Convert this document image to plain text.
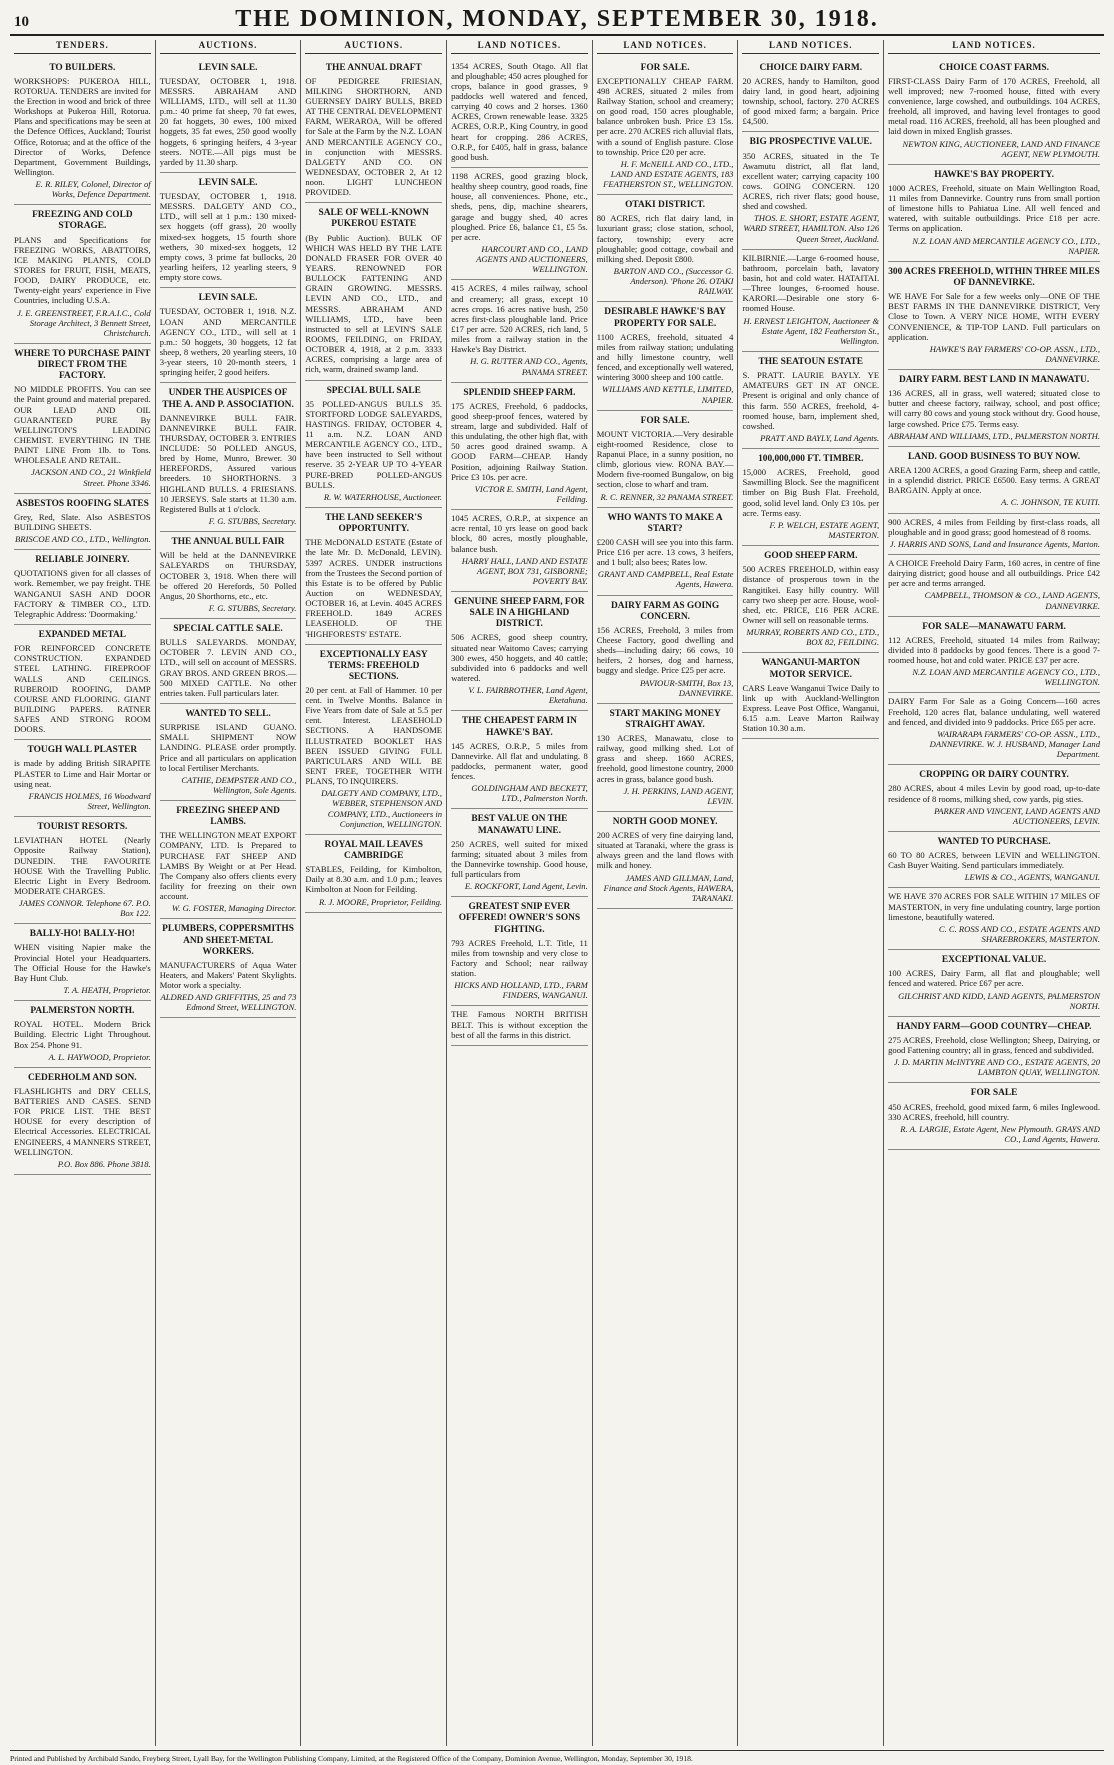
10	THE DOMINION, MONDAY, SEPTEMBER 30, 1918.
TENDERS.
TO BUILDERS.
WORKSHOPS: PUKEROA HILL, ROTORUA. TENDERS are invited for the Erection in wood and brick of three Workshops at Pukeroa Hill, Rotorua. Plans and specifications may be seen at the Defence Offices, Auckland; Tourist Office, Rotorua; and at the office of the Director of Works, Defence Department, Government Buildings, Wellington.
E. R. RILEY, Colonel, Director of Works, Defence Department.
FREEZING AND COLD STORAGE.
PLANS and Specifications for FREEZING WORKS, ABATTOIRS, ICE MAKING PLANTS, COLD STORES for FRUIT, FISH, MEATS, FOOD, DAIRY PRODUCE, etc. Twenty-eight years' experience in Five Countries, including U.S.A.
J. E. GREENSTREET, F.R.A.I.C., Cold Storage Architect, 3 Bennett Street, Christchurch.
WHERE TO PURCHASE PAINT DIRECT FROM THE FACTORY.
NO MIDDLE PROFITS. You can see the Paint ground and material prepared. OUR LEAD AND OIL GUARANTEED PURE By WELLINGTON'S LEADING CHEMIST. EVERYTHING IN THE PAINT LINE From 1lb. to Tons. WHOLESALE AND RETAIL.
JACKSON AND CO., 21 Winkfield Street. Phone 3346.
ASBESTOS ROOFING SLATES
Grey, Red, Slate. Also ASBESTOS BUILDING SHEETS.
BRISCOE AND CO., LTD., Wellington.
RELIABLE JOINERY.
QUOTATIONS given for all classes of work. Remember, we pay freight. THE WANGANUI SASH AND DOOR FACTORY & TIMBER CO., LTD. Telegraphic Address: 'Doormaking.'
EXPANDED METAL
FOR REINFORCED CONCRETE CONSTRUCTION. EXPANDED STEEL LATHING. FIREPROOF WALLS AND CEILINGS. RUBEROID ROOFING, DAMP COURSE AND FLOORING. GIANT BUILDING PAPERS. RATNER SAFES AND STRONG ROOM DOORS.
TOUGH WALL PLASTER
is made by adding British SIRAPITE PLASTER to Lime and Hair Mortar or using neat.
FRANCIS HOLMES, 16 Woodward Street, Wellington.
TOURIST RESORTS.
LEVIATHAN HOTEL (Nearly Opposite Railway Station), DUNEDIN. THE FAVOURITE HOUSE With the Travelling Public. Electric Light in Every Bedroom. MODERATE CHARGES.
JAMES CONNOR. Telephone 67. P.O. Box 122.
BALLY-HO! BALLY-HO!
WHEN visiting Napier make the Provincial Hotel your Headquarters. The Official House for the Hawke's Bay Hunt Club.
T. A. HEATH, Proprietor.
PALMERSTON NORTH.
ROYAL HOTEL. Modern Brick Building. Electric Light Throughout. Box 254. Phone 91.
A. L. HAYWOOD, Proprietor.
CEDERHOLM AND SON.
FLASHLIGHTS and DRY CELLS, BATTERIES AND CASES. SEND FOR PRICE LIST. THE BEST HOUSE for every description of Electrical Accessories. ELECTRICAL ENGINEERS, 4 MANNERS STREET, WELLINGTON.
P.O. Box 886. Phone 3818.
AUCTIONS.
LEVIN SALE.
TUESDAY, OCTOBER 1, 1918. MESSRS. ABRAHAM AND WILLIAMS, LTD., will sell at 11.30 p.m.: 40 prime fat sheep, 70 fat ewes, 20 fat hoggets, 30 ewes, 100 mixed hoggets, 35 fat ewes, 250 good woolly hoggets, 6 springing heifers, 4 3-year steers. NOTE.—All pigs must be yarded by 11.30 sharp.
LEVIN SALE.
TUESDAY, OCTOBER 1, 1918. MESSRS. DALGETY AND CO., LTD., will sell at 1 p.m.: 130 mixed-sex hoggets (off grass), 20 woolly mixed-sex hoggets, 15 fourth shore wethers, 30 mixed-sex hoggets, 12 empty cows, 3 prime fat bullocks, 20 yearling heifers, 12 yearling steers, 9 empty store cows.
LEVIN SALE.
TUESDAY, OCTOBER 1, 1918. N.Z. LOAN AND MERCANTILE AGENCY CO., LTD., will sell at 1 p.m.: 50 hoggets, 30 hoggets, 12 fat sheep, 8 wethers, 20 yearling steers, 10 3-year steers, 10 20-month steers, 1 springing heifer, 2 good heifers.
UNDER THE AUSPICES OF THE A. AND P. ASSOCIATION.
DANNEVIRKE BULL FAIR. DANNEVIRKE BULL FAIR. THURSDAY, OCTOBER 3. ENTRIES INCLUDE: 50 POLLED ANGUS, bred by Home, Munro, Brewer. 30 HEREFORDS, Assured various breeders. 10 SHORTHORNS. 3 HIGHLAND BULLS. 4 FRIESIANS. 10 JERSEYS. Sale starts at 11.30 a.m. Registered Bulls at 1 o'clock.
F. G. STUBBS, Secretary.
THE ANNUAL BULL FAIR
Will be held at the DANNEVIRKE SALEYARDS on THURSDAY, OCTOBER 3, 1918. When there will be offered 20 Herefords, 50 Polled Angus, 20 Shorthorns, etc., etc.
F. G. STUBBS, Secretary.
SPECIAL CATTLE SALE.
BULLS SALEYARDS. MONDAY, OCTOBER 7. LEVIN AND CO., LTD., will sell on account of MESSRS. GRAY BROS. AND GREEN BROS.—500 MIXED CATTLE. No other entries taken. Full particulars later.
WANTED TO SELL.
SURPRISE ISLAND GUANO. SMALL SHIPMENT NOW LANDING. PLEASE order promptly. Price and all particulars on application to local Fertiliser Merchants.
CATHIE, DEMPSTER AND CO., Wellington, Sole Agents.
FREEZING SHEEP AND LAMBS.
THE WELLINGTON MEAT EXPORT COMPANY, LTD. Is Prepared to PURCHASE FAT SHEEP AND LAMBS By Weight or at Per Head. The Company also offers clients every facility for freezing on their own account.
W. G. FOSTER, Managing Director.
PLUMBERS, COPPERSMITHS AND SHEET-METAL WORKERS.
MANUFACTURERS of Aqua Water Heaters, and Makers' Patent Skylights. Motor work a specialty.
ALDRED AND GRIFFITHS, 25 and 73 Edmond Street, WELLINGTON.
AUCTIONS.
THE ANNUAL DRAFT
OF PEDIGREE FRIESIAN, MILKING SHORTHORN, AND GUERNSEY DAIRY BULLS, BRED AT THE CENTRAL DEVELOPMENT FARM, WERAROA, Will be offered for Sale at the Farm by the N.Z. LOAN AND MERCANTILE AGENCY CO., in conjunction with MESSRS. DALGETY AND CO. ON WEDNESDAY, OCTOBER 2, At 12 noon. LIGHT LUNCHEON PROVIDED.
SALE OF WELL-KNOWN PUKEROU ESTATE
(By Public Auction). BULK OF WHICH WAS HELD BY THE LATE DONALD FRASER FOR OVER 40 YEARS. RENOWNED FOR BULLOCK FATTENING AND GRAIN GROWING. MESSRS. LEVIN AND CO., LTD., and MESSRS. ABRAHAM AND WILLIAMS, LTD., have been instructed to sell at LEVIN'S SALE ROOMS, FEILDING, on FRIDAY, OCTOBER 4, 1918, at 2 p.m. 3333 ACRES, comprising a large area of rich, warm, drained swamp land.
SPECIAL BULL SALE
35 POLLED-ANGUS BULLS 35. STORTFORD LODGE SALEYARDS, HASTINGS. FRIDAY, OCTOBER 4, 11 a.m. N.Z. LOAN AND MERCANTILE AGENCY CO., LTD., have been instructed to Sell without reserve. 35 2-YEAR UP TO 4-YEAR PURE-BRED POLLED-ANGUS BULLS.
R. W. WATERHOUSE, Auctioneer.
THE LAND SEEKER'S OPPORTUNITY.
THE McDONALD ESTATE (Estate of the late Mr. D. McDonald, LEVIN). 5397 ACRES. UNDER instructions from the Trustees the Second portion of this Estate is to be offered by Public Auction on WEDNESDAY, OCTOBER 16, at Levin. 4045 ACRES FREEHOLD. 1849 ACRES LEASEHOLD. OF THE 'HIGHFORESTS' ESTATE.
EXCEPTIONALLY EASY TERMS: FREEHOLD SECTIONS.
20 per cent. at Fall of Hammer. 10 per cent. in Twelve Months. Balance in Five Years from date of Sale at 5.5 per cent. Interest. LEASEHOLD SECTIONS. A HANDSOME ILLUSTRATED BOOKLET HAS BEEN ISSUED GIVING FULL PARTICULARS AND WILL BE SENT FREE, TOGETHER WITH PLANS, TO INQUIRERS.
DALGETY AND COMPANY, LTD., WEBBER, STEPHENSON AND COMPANY, LTD., Auctioneers in Conjunction, WELLINGTON.
ROYAL MAIL LEAVES CAMBRIDGE
STABLES, Feilding, for Kimbolton, Daily at 8.30 a.m. and 1.0 p.m.; leaves Kimbolton at Noon for Feilding.
R. J. MOORE, Proprietor, Feilding.
LAND NOTICES.
1354 ACRES, South Otago. All flat and ploughable; 450 acres ploughed for crops, balance in good grasses, 9 paddocks well watered and fenced, carrying 40 cows and 2 horses. 1360 ACRES, Crown renewable lease. 3325 ACRES, O.R.P., King Country, in good heart for cropping. 286 ACRES, O.R.P., for £405, half in grass, balance good bush.
1198 ACRES, good grazing block, healthy sheep country, good roads, fine house, all conveniences. Phone, etc., sheds, pens, dip, machine shearers, garage and buggy shed, 40 acres ploughed. Price £6, balance £1, £5 5s. per acre.
HARCOURT AND CO., LAND AGENTS AND AUCTIONEERS, WELLINGTON.
415 ACRES, 4 miles railway, school and creamery; all grass, except 10 acres crops. 16 acres native bush, 250 acres first-class ploughable land. Price £17 per acre. 520 ACRES, rich land, 5 miles from a railway station in the Hawke's Bay District.
H. G. RUTTER AND CO., Agents, PANAMA STREET.
SPLENDID SHEEP FARM.
175 ACRES, Freehold, 6 paddocks, good sheep-proof fences, watered by stream, large and subdivided. Half of this undulating, the other high flat, with 50 acres good drained swamp. A GOOD FARM—CHEAP. Handy Position, adjoining Railway Station. Price £3 10s. per acre.
VICTOR E. SMITH, Land Agent, Feilding.
1045 ACRES, O.R.P., at sixpence an acre rental, 10 yrs lease on good back block, 80 acres, mostly ploughable, balance bush.
HARRY HALL, LAND AND ESTATE AGENT, BOX 731, GISBORNE; POVERTY BAY.
GENUINE SHEEP FARM, FOR SALE IN A HIGHLAND DISTRICT.
506 ACRES, good sheep country, situated near Waitomo Caves; carrying 300 ewes, 450 hoggets, and 40 cattle; subdivided into 6 paddocks and well watered.
V. L. FAIRBROTHER, Land Agent, Eketahuna.
THE CHEAPEST FARM IN HAWKE'S BAY.
145 ACRES, O.R.P., 5 miles from Dannevirke. All flat and undulating. 8 paddocks, permanent water, good fences.
GOLDINGHAM AND BECKETT, LTD., Palmerston North.
BEST VALUE ON THE MANAWATU LINE.
250 ACRES, well suited for mixed farming; situated about 3 miles from the Dannevirke township. Good house, full particulars from
E. ROCKFORT, Land Agent, Levin.
GREATEST SNIP EVER OFFERED! OWNER'S SONS FIGHTING.
793 ACRES Freehold, L.T. Title, 11 miles from township and very close to Factory and School; near railway station.
HICKS AND HOLLAND, LTD., FARM FINDERS, WANGANUI.
THE Famous NORTH BRITISH BELT. This is without exception the best of all the farms in this district.
LAND NOTICES.
FOR SALE.
EXCEPTIONALLY CHEAP FARM. 498 ACRES, situated 2 miles from Railway Station, school and creamery; on good road, 150 acres ploughable, balance unbroken bush. Price £3 15s. per acre. 270 ACRES rich alluvial flats, with a sound of English pasture. Close to township. Price £20 per acre.
H. F. McNEILL AND CO., LTD., LAND AND ESTATE AGENTS, 183 FEATHERSTON ST., WELLINGTON.
OTAKI DISTRICT.
80 ACRES, rich flat dairy land, in luxuriant grass; close station, school, factory, township; every acre ploughable; good cottage, cowbail and milking shed. Deposit £800.
BARTON AND CO., (Successor G. Anderson). 'Phone 26. OTAKI RAILWAY.
DESIRABLE HAWKE'S BAY PROPERTY FOR SALE.
1100 ACRES, freehold, situated 4 miles from railway station; undulating and hilly limestone country, well fenced, and exceptionally well watered, wintering 3000 sheep and 100 cattle.
WILLIAMS AND KETTLE, LIMITED, NAPIER.
FOR SALE.
MOUNT VICTORIA.—Very desirable eight-roomed Residence, close to Rapanui Place, in a sunny position, no climb, glorious view. RONA BAY.—Modern five-roomed Bungalow, on big section, close to wharf and tram.
R. C. RENNER, 32 PANAMA STREET.
WHO WANTS TO MAKE A START?
£200 CASH will see you into this farm. Price £16 per acre. 13 cows, 3 heifers, and 1 bull; also bees; Rates low.
GRANT AND CAMPBELL, Real Estate Agents, Hawera.
DAIRY FARM AS GOING CONCERN.
156 ACRES, Freehold, 3 miles from Cheese Factory, good dwelling and sheds—including dairy; 66 cows, 10 heifers, 2 horses, dog and harness, buggy and sledge. Price £25 per acre.
PAVIOUR-SMITH, Box 13, DANNEVIRKE.
START MAKING MONEY STRAIGHT AWAY.
130 ACRES, Manawatu, close to railway, good milking shed. Lot of grass and sheep. 1660 ACRES, freehold, good limestone country, 2000 acres in grass, balance good bush.
J. H. PERKINS, LAND AGENT, LEVIN.
NORTH GOOD MONEY.
200 ACRES of very fine dairying land, situated at Taranaki, where the grass is always green and the land flows with milk and honey.
JAMES AND GILLMAN, Land, Finance and Stock Agents, HAWERA, TARANAKI.
LAND NOTICES.
CHOICE DAIRY FARM.
20 ACRES, handy to Hamilton, good dairy land, in good heart, adjoining township, school, factory. 270 ACRES of good mixed farm; a bargain. Price £4,500.
BIG PROSPECTIVE VALUE.
350 ACRES, situated in the Te Awamutu district, all flat land, excellent water; carrying capacity 100 cows. GOING CONCERN. 120 ACRES, rich river flats; good house, shed and cowshed.
THOS. E. SHORT, ESTATE AGENT, WARD STREET, HAMILTON. Also 126 Queen Street, Auckland.
KILBIRNIE.—Large 6-roomed house, bathroom, porcelain bath, lavatory basin, hot and cold water. HATAITAI.—Three lounges, 6-roomed house. KARORI.—Desirable one story 6-roomed House.
H. ERNEST LEIGHTON, Auctioneer & Estate Agent, 182 Featherston St., Wellington.
THE SEATOUN ESTATE
S. PRATT. LAURIE BAYLY. YE AMATEURS GET IN AT ONCE. Present is original and only chance of this farm. 550 ACRES, freehold, 4-roomed house, barn, implement shed, cowshed.
PRATT AND BAYLY, Land Agents.
100,000,000 FT. TIMBER.
15,000 ACRES, Freehold, good Sawmilling Block. See the magnificent timber on Big Bush Flat. Freehold, good, solid level land. Only £3 10s. per acre. Terms easy.
F. P. WELCH, ESTATE AGENT, MASTERTON.
GOOD SHEEP FARM.
500 ACRES FREEHOLD, within easy distance of prosperous town in the Rangitikei. Easy hilly country. Will carry two sheep per acre. House, wool-shed, etc. PRICE, £16 PER ACRE. Owner will sell on reasonable terms.
MURRAY, ROBERTS AND CO., LTD., BOX 82, FEILDING.
WANGANUI-MARTON MOTOR SERVICE.
CARS Leave Wanganui Twice Daily to link up with Auckland-Wellington Express. Leave Post Office, Wanganui, 6.15 a.m. Leave Marton Railway Station 10.30 a.m.
LAND NOTICES.
CHOICE COAST FARMS.
FIRST-CLASS Dairy Farm of 170 ACRES, Freehold, all well improved; new 7-roomed house, fitted with every convenience, large cowshed, and outbuildings. 104 ACRES, freehold, all improved, and having level frontages to good metal road. 116 ACRES, freehold, all has been ploughed and laid down in mixed English grasses.
NEWTON KING, AUCTIONEER, LAND AND FINANCE AGENT, NEW PLYMOUTH.
HAWKE'S BAY PROPERTY.
1000 ACRES, Freehold, situate on Main Wellington Road, 11 miles from Dannevirke. Country runs from small portion of limestone hills to Pahiatua Line. All well fenced and watered, with suitable outbuildings. Price £18 per acre. Terms on application.
N.Z. LOAN AND MERCANTILE AGENCY CO., LTD., NAPIER.
300 ACRES FREEHOLD, WITHIN THREE MILES OF DANNEVIRKE.
WE HAVE For Sale for a few weeks only—ONE OF THE BEST FARMS IN THE DANNEVIRKE DISTRICT, Very Close to Town. A VERY NICE HOME, WITH EVERY CONVENIENCE, & TIP-TOP LAND. Full particulars on application.
HAWKE'S BAY FARMERS' CO-OP. ASSN., LTD., DANNEVIRKE.
DAIRY FARM. BEST LAND IN MANAWATU.
136 ACRES, all in grass, well watered; situated close to butter and cheese factory, railway, school, and post office; will carry 80 cows and young stock without dry. Good house, large cowshed. Price £75. Terms easy.
ABRAHAM AND WILLIAMS, LTD., PALMERSTON NORTH.
LAND. GOOD BUSINESS TO BUY NOW.
AREA 1200 ACRES, a good Grazing Farm, sheep and cattle, in a splendid district. PRICE £6500. Easy terms. A GREAT BARGAIN. Apply at once.
A. C. JOHNSON, TE KUITI.
900 ACRES, 4 miles from Feilding by first-class roads, all ploughable and in good grass; good homestead of 8 rooms.
J. HARRIS AND SONS, Land and Insurance Agents, Marton.
A CHOICE Freehold Dairy Farm, 160 acres, in centre of fine dairying district; good house and all outbuildings. Price £42 per acre and terms arranged.
CAMPBELL, THOMSON & CO., LAND AGENTS, DANNEVIRKE.
FOR SALE—MANAWATU FARM.
112 ACRES, Freehold, situated 14 miles from Railway; divided into 8 paddocks by good fences. There is a good 7-roomed house, hot and cold water. PRICE £37 per acre.
N.Z. LOAN AND MERCANTILE AGENCY CO., LTD., WELLINGTON.
DAIRY Farm For Sale as a Going Concern—160 acres Freehold, 120 acres flat, balance undulating, well watered and fenced, and divided into 9 paddocks. Price £65 per acre.
WAIRARAPA FARMERS' CO-OP. ASSN., LTD., DANNEVIRKE. W. J. HUSBAND, Manager Land Department.
CROPPING OR DAIRY COUNTRY.
280 ACRES, about 4 miles Levin by good road, up-to-date residence of 8 rooms, milking shed, cow yards, pig sties.
PARKER AND VINCENT, LAND AGENTS AND AUCTIONEERS, LEVIN.
WANTED TO PURCHASE.
60 TO 80 ACRES, between LEVIN and WELLINGTON. Cash Buyer Waiting. Send particulars immediately.
LEWIS & CO., AGENTS, WANGANUI.
WE HAVE 370 ACRES FOR SALE WITHIN 17 MILES OF MASTERTON, in very fine undulating country, large portion limestone, beautifully watered.
C. C. ROSS AND CO., ESTATE AGENTS AND SHAREBROKERS, MASTERTON.
EXCEPTIONAL VALUE.
100 ACRES, Dairy Farm, all flat and ploughable; well fenced and watered. Price £67 per acre.
GILCHRIST AND KIDD, LAND AGENTS, PALMERSTON NORTH.
HANDY FARM—GOOD COUNTRY—CHEAP.
275 ACRES, Freehold, close Wellington; Sheep, Dairying, or good Fattening country; all in grass, fenced and subdivided.
J. D. MARTIN McINTYRE AND CO., ESTATE AGENTS, 20 LAMBTON QUAY, WELLINGTON.
FOR SALE
450 ACRES, freehold, good mixed farm, 6 miles Inglewood. 330 ACRES, freehold, hill country.
R. A. LARGIE, Estate Agent, New Plymouth. GRAYS AND CO., Land Agents, Hawera.
Printed and Published by Archibald Sando, Freyberg Street, Lyall Bay, for the Wellington Publishing Company, Limited, at the Registered Office of the Company, Dominion Avenue, Wellington, Monday, September 30, 1918.
